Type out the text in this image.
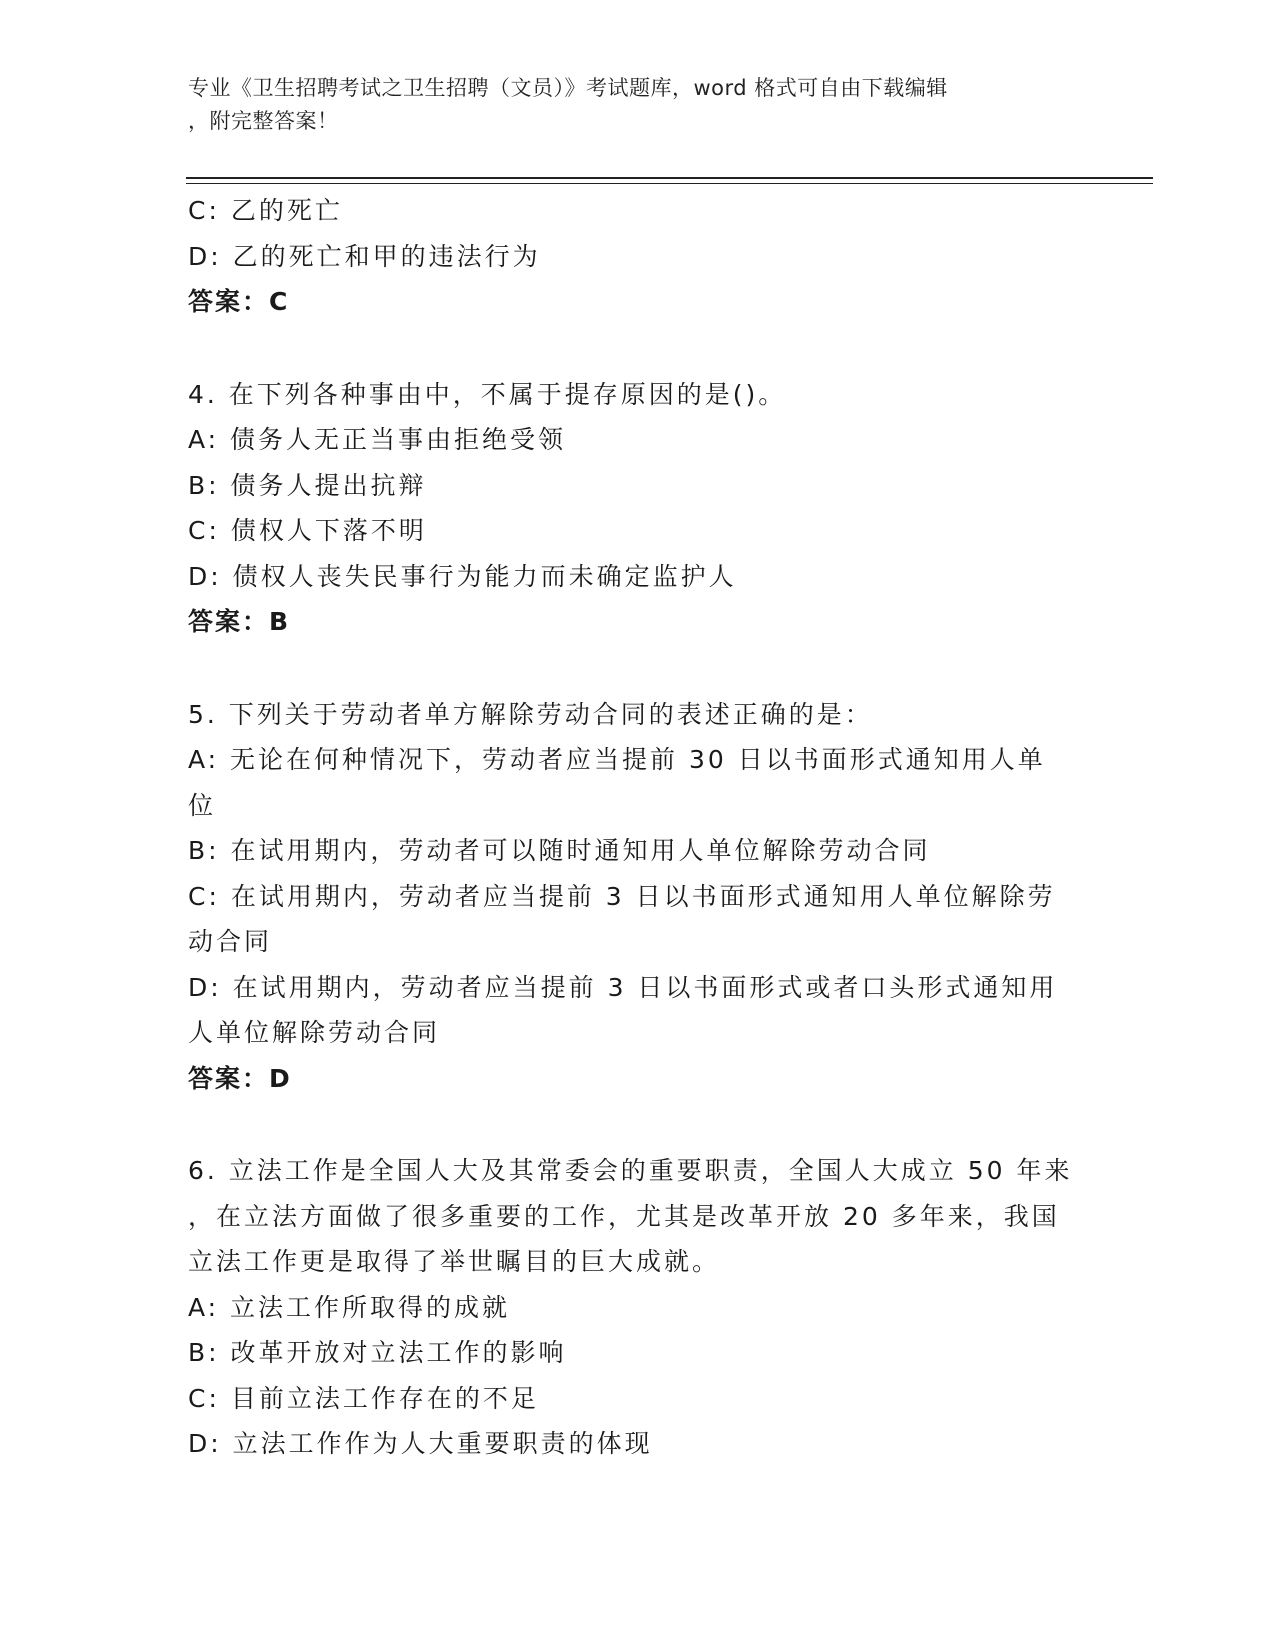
专业《卫生招聘考试之卫生招聘（文员）》考试题库，word 格式可自由下载编辑
，附完整答案！
C: 乙的死亡
D: 乙的死亡和甲的违法行为
答案：C
4. 在下列各种事由中，不属于提存原因的是()。
A: 债务人无正当事由拒绝受领
B: 债务人提出抗辩
C: 债权人下落不明
D: 债权人丧失民事行为能力而未确定监护人
答案：B
5. 下列关于劳动者单方解除劳动合同的表述正确的是：
A: 无论在何种情况下，劳动者应当提前 30 日以书面形式通知用人单
位
B: 在试用期内，劳动者可以随时通知用人单位解除劳动合同
C: 在试用期内，劳动者应当提前 3 日以书面形式通知用人单位解除劳
动合同
D: 在试用期内，劳动者应当提前 3 日以书面形式或者口头形式通知用
人单位解除劳动合同
答案：D
6. 立法工作是全国人大及其常委会的重要职责，全国人大成立 50 年来
，在立法方面做了很多重要的工作，尤其是改革开放 20 多年来，我国
立法工作更是取得了举世瞩目的巨大成就。
A: 立法工作所取得的成就
B: 改革开放对立法工作的影响
C: 目前立法工作存在的不足
D: 立法工作作为人大重要职责的体现
